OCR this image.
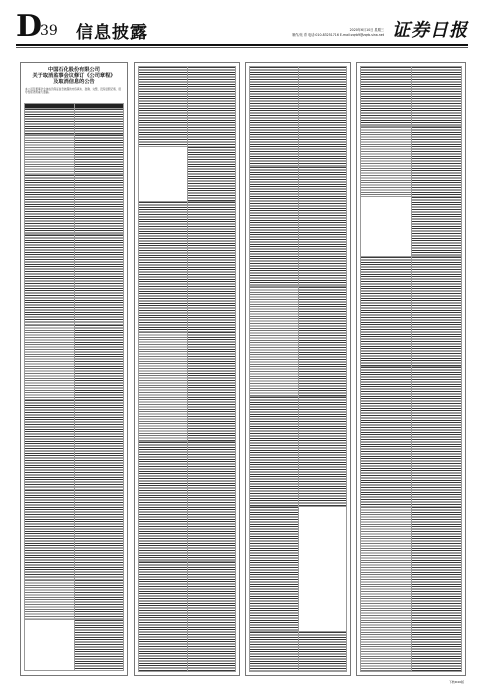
D
39 信息披露	2020年6月10日 星期三
制作/吴 青 电话:010-83251716 E-mail:zqrb9@zqrb.sina.net 证券日报
中国石化股份有限公司
关于取消监事会议修订《公司章程》
及取消信息的公告
本公司及董事会全体成员保证信息披露的内容真实、准确、完整，没有虚假记载、误导性陈述或重大遗漏。
下转D40版
